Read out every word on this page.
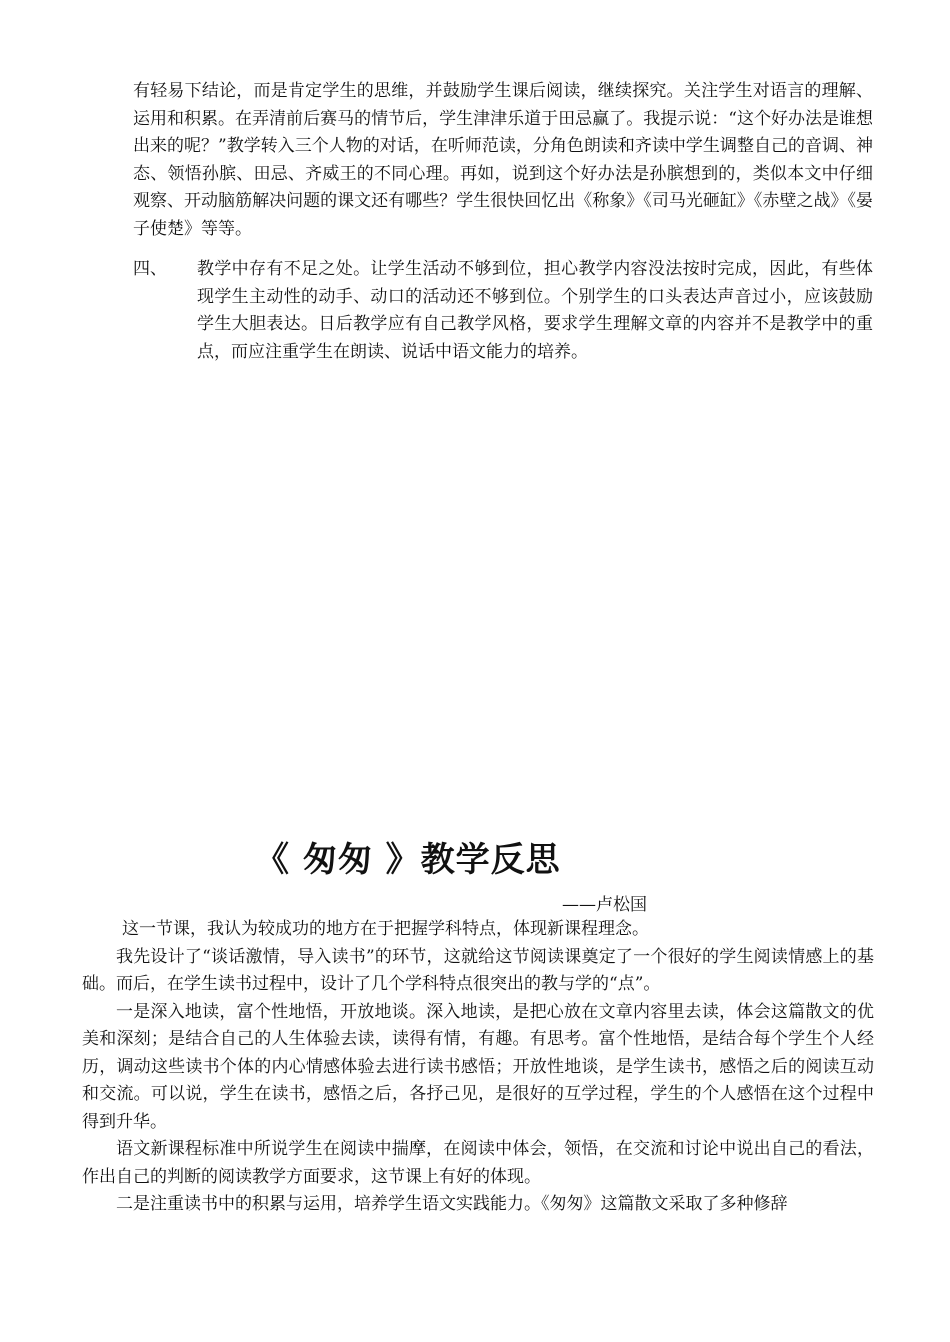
有轻易下结论，而是肯定学生的思维，并鼓励学生课后阅读，继续探究。关注学生对语言的理解、运用和积累。在弄清前后赛马的情节后，学生津津乐道于田忌赢了。我提示说：“这个好办法是谁想出来的呢？”教学转入三个人物的对话，在听师范读，分角色朗读和齐读中学生调整自己的音调、神态、领悟孙膑、田忌、齐威王的不同心理。再如，说到这个好办法是孙膑想到的，类似本文中仔细观察、开动脑筋解决问题的课文还有哪些？学生很快回忆出《称象》《司马光砸缸》《赤壁之战》《晏子使楚》等等。
四、	教学中存有不足之处。让学生活动不够到位，担心教学内容没法按时完成，因此，有些体现学生主动性的动手、动口的活动还不够到位。个别学生的口头表达声音过小，应该鼓励学生大胆表达。日后教学应有自己教学风格，要求学生理解文章的内容并不是教学中的重点，而应注重学生在朗读、说话中语文能力的培养。
《 匆匆 》教学反思
——卢松国

这一节课，我认为较成功的地方在于把握学科特点，体现新课程理念。

我先设计了“谈话激情，导入读书”的环节，这就给这节阅读课奠定了一个很好的学生阅读情感上的基础。而后，在学生读书过程中，设计了几个学科特点很突出的教与学的“点”。

一是深入地读，富个性地悟，开放地谈。深入地读，是把心放在文章内容里去读，体会这篇散文的优美和深刻；是结合自己的人生体验去读，读得有情，有趣。有思考。富个性地悟，是结合每个学生个人经历，调动这些读书个体的内心情感体验去进行读书感悟；开放性地谈，是学生读书，感悟之后的阅读互动和交流。可以说，学生在读书，感悟之后，各抒己见，是很好的互学过程，学生的个人感悟在这个过程中得到升华。

语文新课程标准中所说学生在阅读中揣摩，在阅读中体会，领悟，在交流和讨论中说出自己的看法，作出自己的判断的阅读教学方面要求，这节课上有好的体现。

二是注重读书中的积累与运用，培养学生语文实践能力。《匆匆》这篇散文采取了多种修辞
